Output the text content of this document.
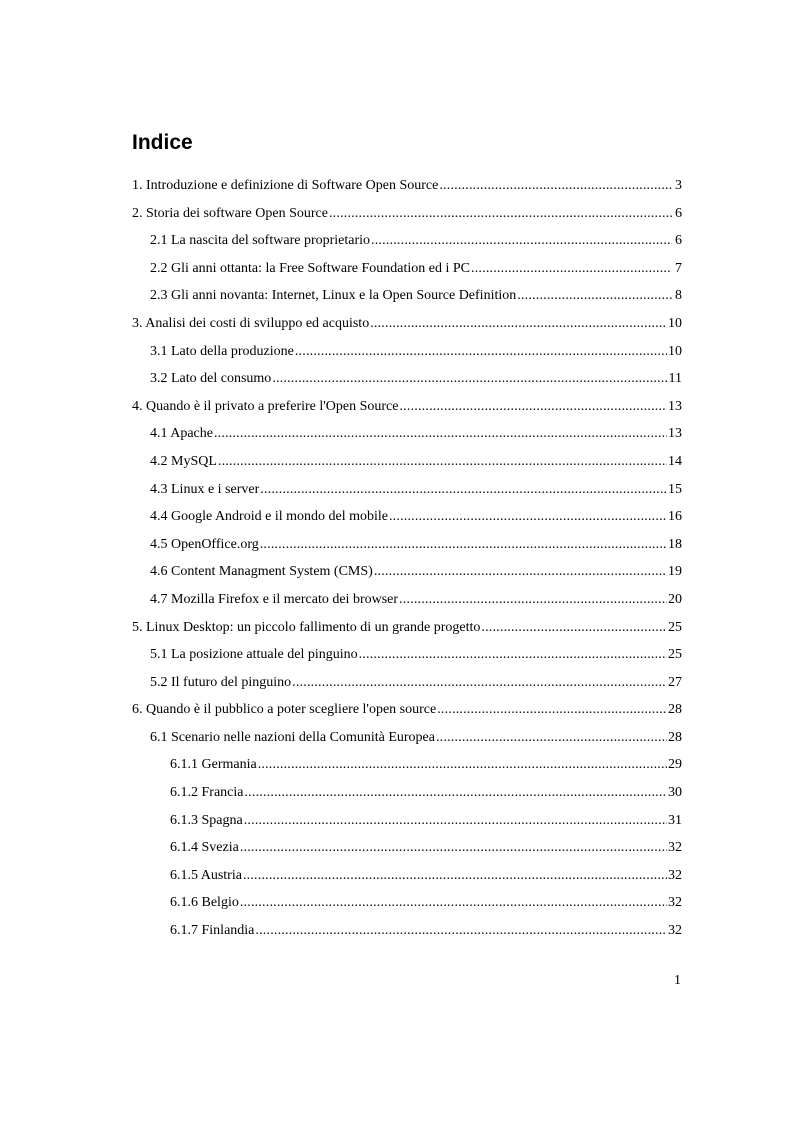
Indice
1. Introduzione e definizione di Software Open Source .....	3
2. Storia dei software Open Source .....	6
2.1 La nascita del software proprietario .....	6
2.2 Gli anni ottanta: la Free Software Foundation ed i PC .....	7
2.3 Gli anni novanta: Internet, Linux e la Open Source Definition .....	8
3. Analisi dei costi di sviluppo ed acquisto .....	10
3.1 Lato della produzione .....	10
3.2 Lato del consumo .....	11
4. Quando è il privato a preferire l'Open Source .....	13
4.1 Apache .....	13
4.2 MySQL .....	14
4.3 Linux e i server .....	15
4.4 Google Android e il mondo del mobile .....	16
4.5 OpenOffice.org .....	18
4.6 Content Managment System (CMS) .....	19
4.7 Mozilla Firefox e il mercato dei browser .....	20
5. Linux Desktop: un piccolo fallimento di un grande progetto .....	25
5.1 La posizione attuale del pinguino .....	25
5.2 Il futuro del pinguino .....	27
6. Quando è il pubblico a poter scegliere l'open source .....	28
6.1 Scenario nelle nazioni della Comunità Europea .....	28
6.1.1 Germania .....	29
6.1.2 Francia .....	30
6.1.3 Spagna .....	31
6.1.4 Svezia .....	32
6.1.5 Austria .....	32
6.1.6 Belgio .....	32
6.1.7 Finlandia .....	32
1
